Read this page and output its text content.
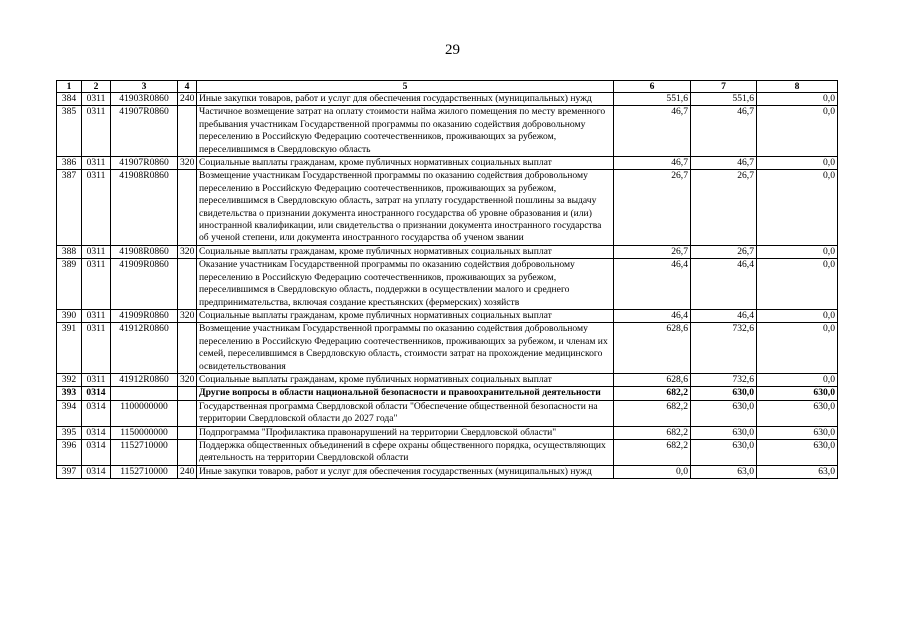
29
1	2	3	4	5	6	7	8
384	0311	41903R0860	240	Иные закупки товаров, работ и услуг для обеспечения государственных (муниципальных) нужд	551,6	551,6	0,0
385	0311	41907R0860		Частичное возмещение затрат на оплату стоимости найма жилого помещения по месту временного пребывания участникам Государственной программы по оказанию содействия добровольному переселению в Российскую Федерацию соотечественников, проживающих за рубежом, переселившимся в Свердловскую область	46,7	46,7	0,0
386	0311	41907R0860	320	Социальные выплаты гражданам, кроме публичных нормативных социальных выплат	46,7	46,7	0,0
387	0311	41908R0860		Возмещение участникам Государственной программы по оказанию содействия добровольному переселению в Российскую Федерацию соотечественников, проживающих за рубежом, переселившимся в Свердловскую область, затрат на уплату государственной пошлины за выдачу свидетельства о признании документа иностранного государства об уровне образования и (или) иностранной квалификации, или свидетельства о признании документа иностранного государства об ученой степени, или документа иностранного государства об ученом звании	26,7	26,7	0,0
388	0311	41908R0860	320	Социальные выплаты гражданам, кроме публичных нормативных социальных выплат	26,7	26,7	0,0
389	0311	41909R0860		Оказание участникам Государственной программы по оказанию содействия добровольному переселению в Российскую Федерацию соотечественников, проживающих за рубежом, переселившимся в Свердловскую область, поддержки в осуществлении малого и среднего предпринимательства, включая создание крестьянских (фермерских) хозяйств	46,4	46,4	0,0
390	0311	41909R0860	320	Социальные выплаты гражданам, кроме публичных нормативных социальных выплат	46,4	46,4	0,0
391	0311	41912R0860		Возмещение участникам Государственной программы по оказанию содействия добровольному переселению в Российскую Федерацию соотечественников, проживающих за рубежом, и членам их семей, переселившимся в Свердловскую область, стоимости затрат на прохождение медицинского освидетельствования	628,6	732,6	0,0
392	0311	41912R0860	320	Социальные выплаты гражданам, кроме публичных нормативных социальных выплат	628,6	732,6	0,0
393	0314			Другие вопросы в области национальной безопасности и правоохранительной деятельности	682,2	630,0	630,0
394	0314	1100000000		Государственная программа Свердловской области "Обеспечение общественной безопасности на территории Свердловской области до 2027 года"	682,2	630,0	630,0
395	0314	1150000000		Подпрограмма "Профилактика правонарушений на территории Свердловской области"	682,2	630,0	630,0
396	0314	1152710000		Поддержка общественных объединений в сфере охраны общественного порядка, осуществляющих деятельность на территории Свердловской области	682,2	630,0	630,0
397	0314	1152710000	240	Иные закупки товаров, работ и услуг для обеспечения государственных (муниципальных) нужд	0,0	63,0	63,0
